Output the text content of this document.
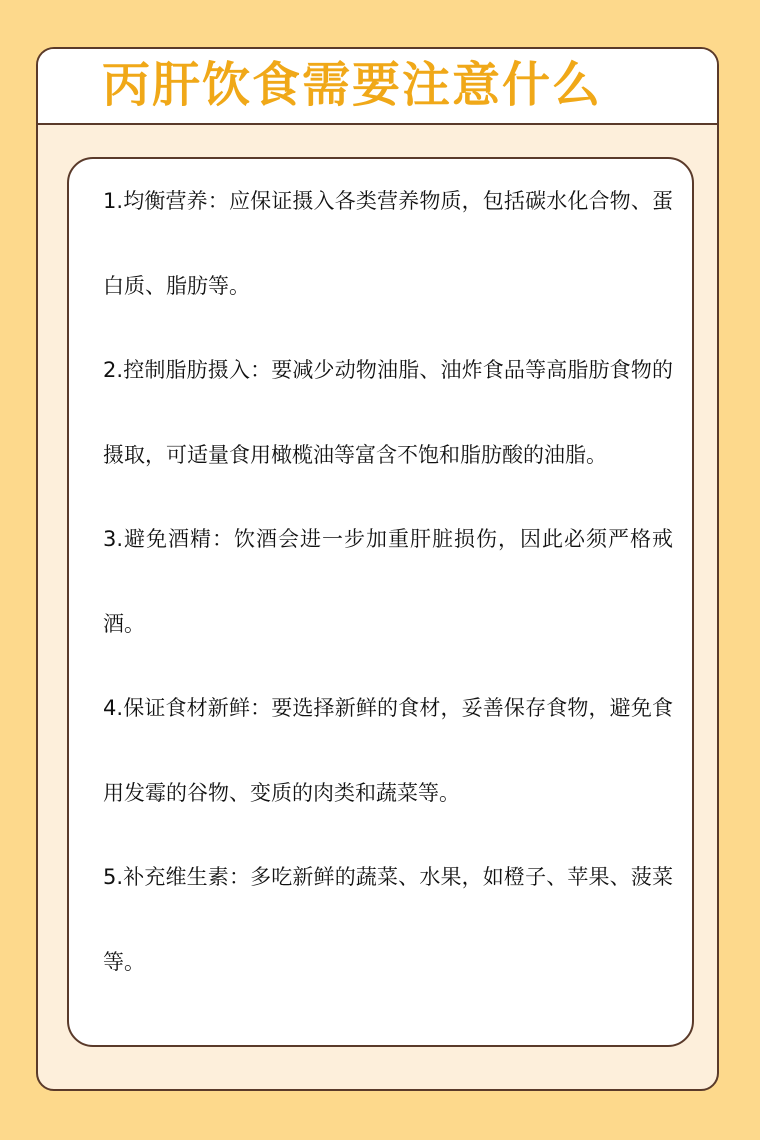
丙肝饮食需要注意什么

1.均衡营养：应保证摄入各类营养物质，包括碳水化合物、蛋白质、脂肪等。

2.控制脂肪摄入：要减少动物油脂、油炸食品等高脂肪食物的摄取，可适量食用橄榄油等富含不饱和脂肪酸的油脂。

3.避免酒精：饮酒会进一步加重肝脏损伤，因此必须严格戒酒。

4.保证食材新鲜：要选择新鲜的食材，妥善保存食物，避免食用发霉的谷物、变质的肉类和蔬菜等。

5.补充维生素：多吃新鲜的蔬菜、水果，如橙子、苹果、菠菜等。
